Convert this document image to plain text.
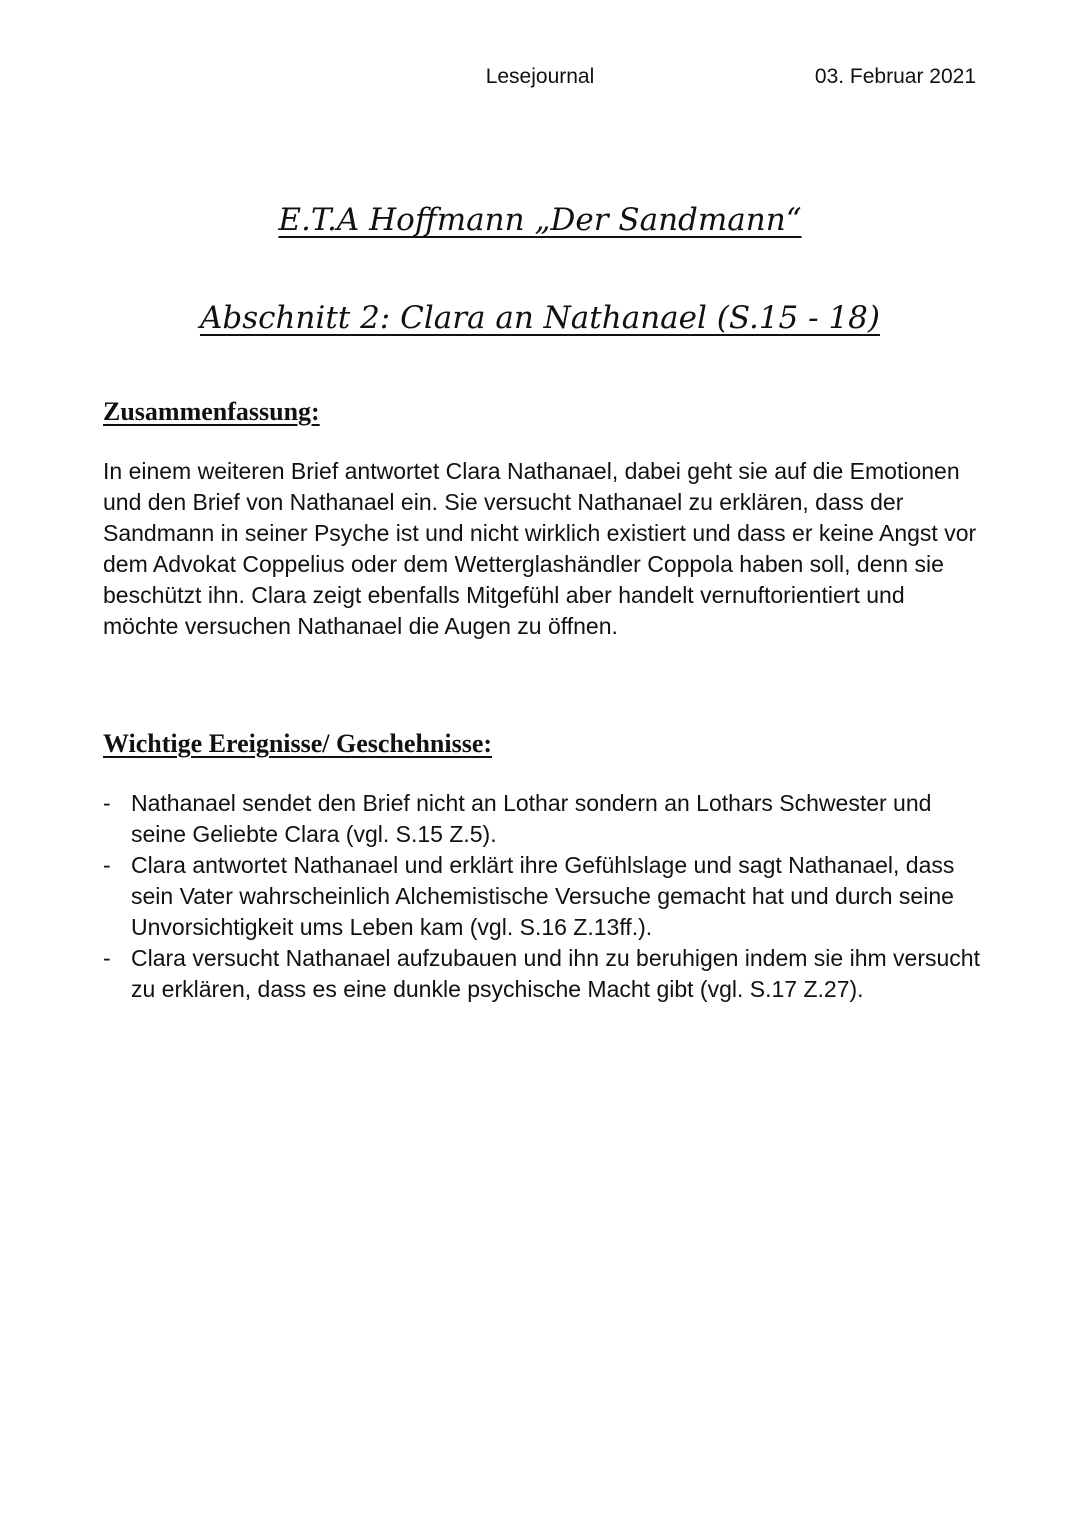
Lesejournal	03. Februar 2021
E.T.A Hoffmann „Der Sandmann“
Abschnitt 2: Clara an Nathanael (S.15 - 18)
Zusammenfassung:

In einem weiteren Brief antwortet Clara Nathanael, dabei geht sie auf die Emotionen und den Brief von Nathanael ein. Sie versucht Nathanael zu erklären, dass der Sandmann in seiner Psyche ist und nicht wirklich existiert und dass er keine Angst vor dem Advokat Coppelius oder dem Wetterglashändler Coppola haben soll, denn sie beschützt ihn. Clara zeigt ebenfalls Mitgefühl aber handelt vernuftorientiert und möchte versuchen Nathanael die Augen zu öffnen.

Wichtige Ereignisse/ Geschehnisse:
- Nathanael sendet den Brief nicht an Lothar sondern an Lothars Schwester und seine Geliebte Clara (vgl. S.15 Z.5).
- Clara antwortet Nathanael und erklärt ihre Gefühlslage und sagt Nathanael, dass sein Vater wahrscheinlich Alchemistische Versuche gemacht hat und durch seine Unvorsichtigkeit ums Leben kam (vgl. S.16 Z.13ff.).
- Clara versucht Nathanael aufzubauen und ihn zu beruhigen indem sie ihm versucht zu erklären, dass es eine dunkle psychische Macht gibt (vgl. S.17 Z.27).
